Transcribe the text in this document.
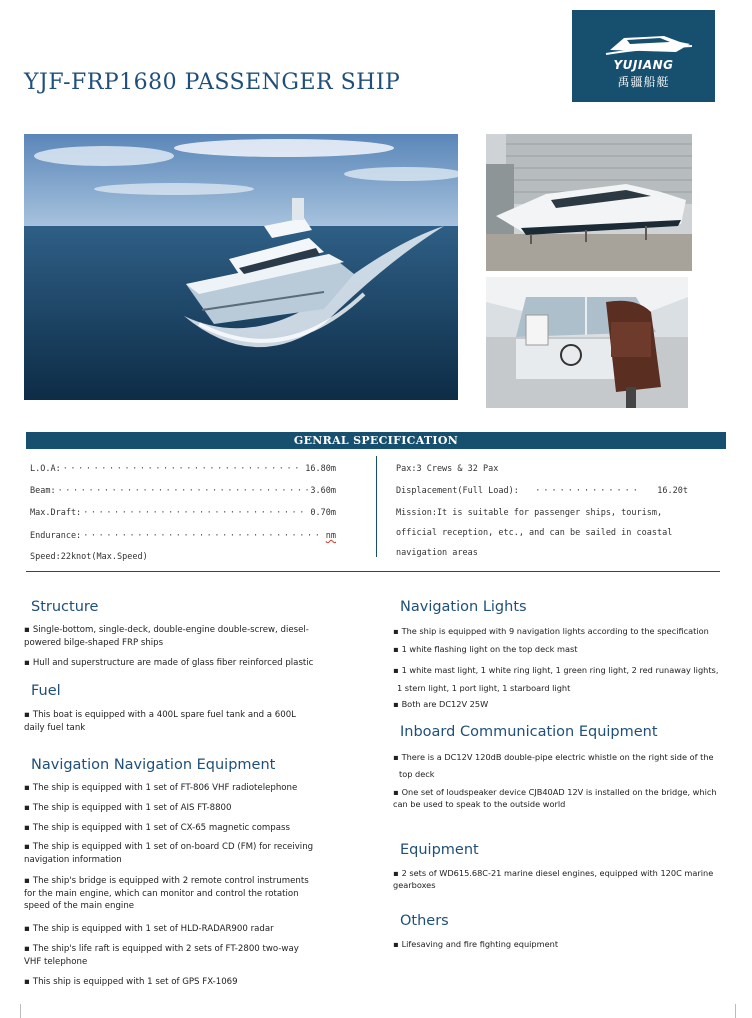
YJF-FRP1680 PASSENGER SHIP
YUJIANG
禹疆船艇
GENRAL SPECIFICATION
L.O.A: ·····	16.80m
Beam: ·····	3.60m
Max.Draft: ·····	0.70m
Endurance: ·····	nm
Speed:22knot(Max.Speed)
Pax:3 Crews & 32 Pax
Displacement(Full Load):	·············	16.20t
Mission:It is suitable for passenger ships, tourism,
official reception, etc., and can be sailed in coastal
navigation areas
Structure
▪ Single-bottom, single-deck, double-engine double-screw, diesel-
powered bilge-shaped FRP ships
▪ Hull and superstructure are made of glass fiber reinforced plastic
Fuel
▪ This boat is equipped with a 400L spare fuel tank and a 600L
daily fuel tank
Navigation Navigation Equipment
▪ The ship is equipped with 1 set of FT-806 VHF radiotelephone
▪ The ship is equipped with 1 set of AIS FT-8800
▪ The ship is equipped with 1 set of CX-65 magnetic compass
▪ The ship is equipped with 1 set of on-board CD (FM) for receiving
navigation information
▪ The ship's bridge is equipped with 2 remote control instruments
for the main engine, which can monitor and control the rotation
speed of the main engine
▪ The ship is equipped with 1 set of HLD-RADAR900 radar
▪ The ship's life raft is equipped with 2 sets of FT-2800 two-way
VHF telephone
▪ This ship is equipped with 1 set of GPS FX-1069
Navigation Lights
▪ The ship is equipped with 9 navigation lights according to the specification
▪ 1 white flashing light on the top deck mast
▪ 1 white mast light, 1 white ring light, 1 green ring light, 2 red runaway lights,
1 stern light, 1 port light, 1 starboard light
▪ Both are DC12V 25W
Inboard Communication Equipment
▪ There is a DC12V 120dB double-pipe electric whistle on the right side of the
top deck
▪ One set of loudspeaker device CJB40AD 12V is installed on the bridge, which
can be used to speak to the outside world
Equipment
▪ 2 sets of WD615.68C-21 marine diesel engines, equipped with 120C marine
gearboxes
Others
▪ Lifesaving and fire fighting equipment
